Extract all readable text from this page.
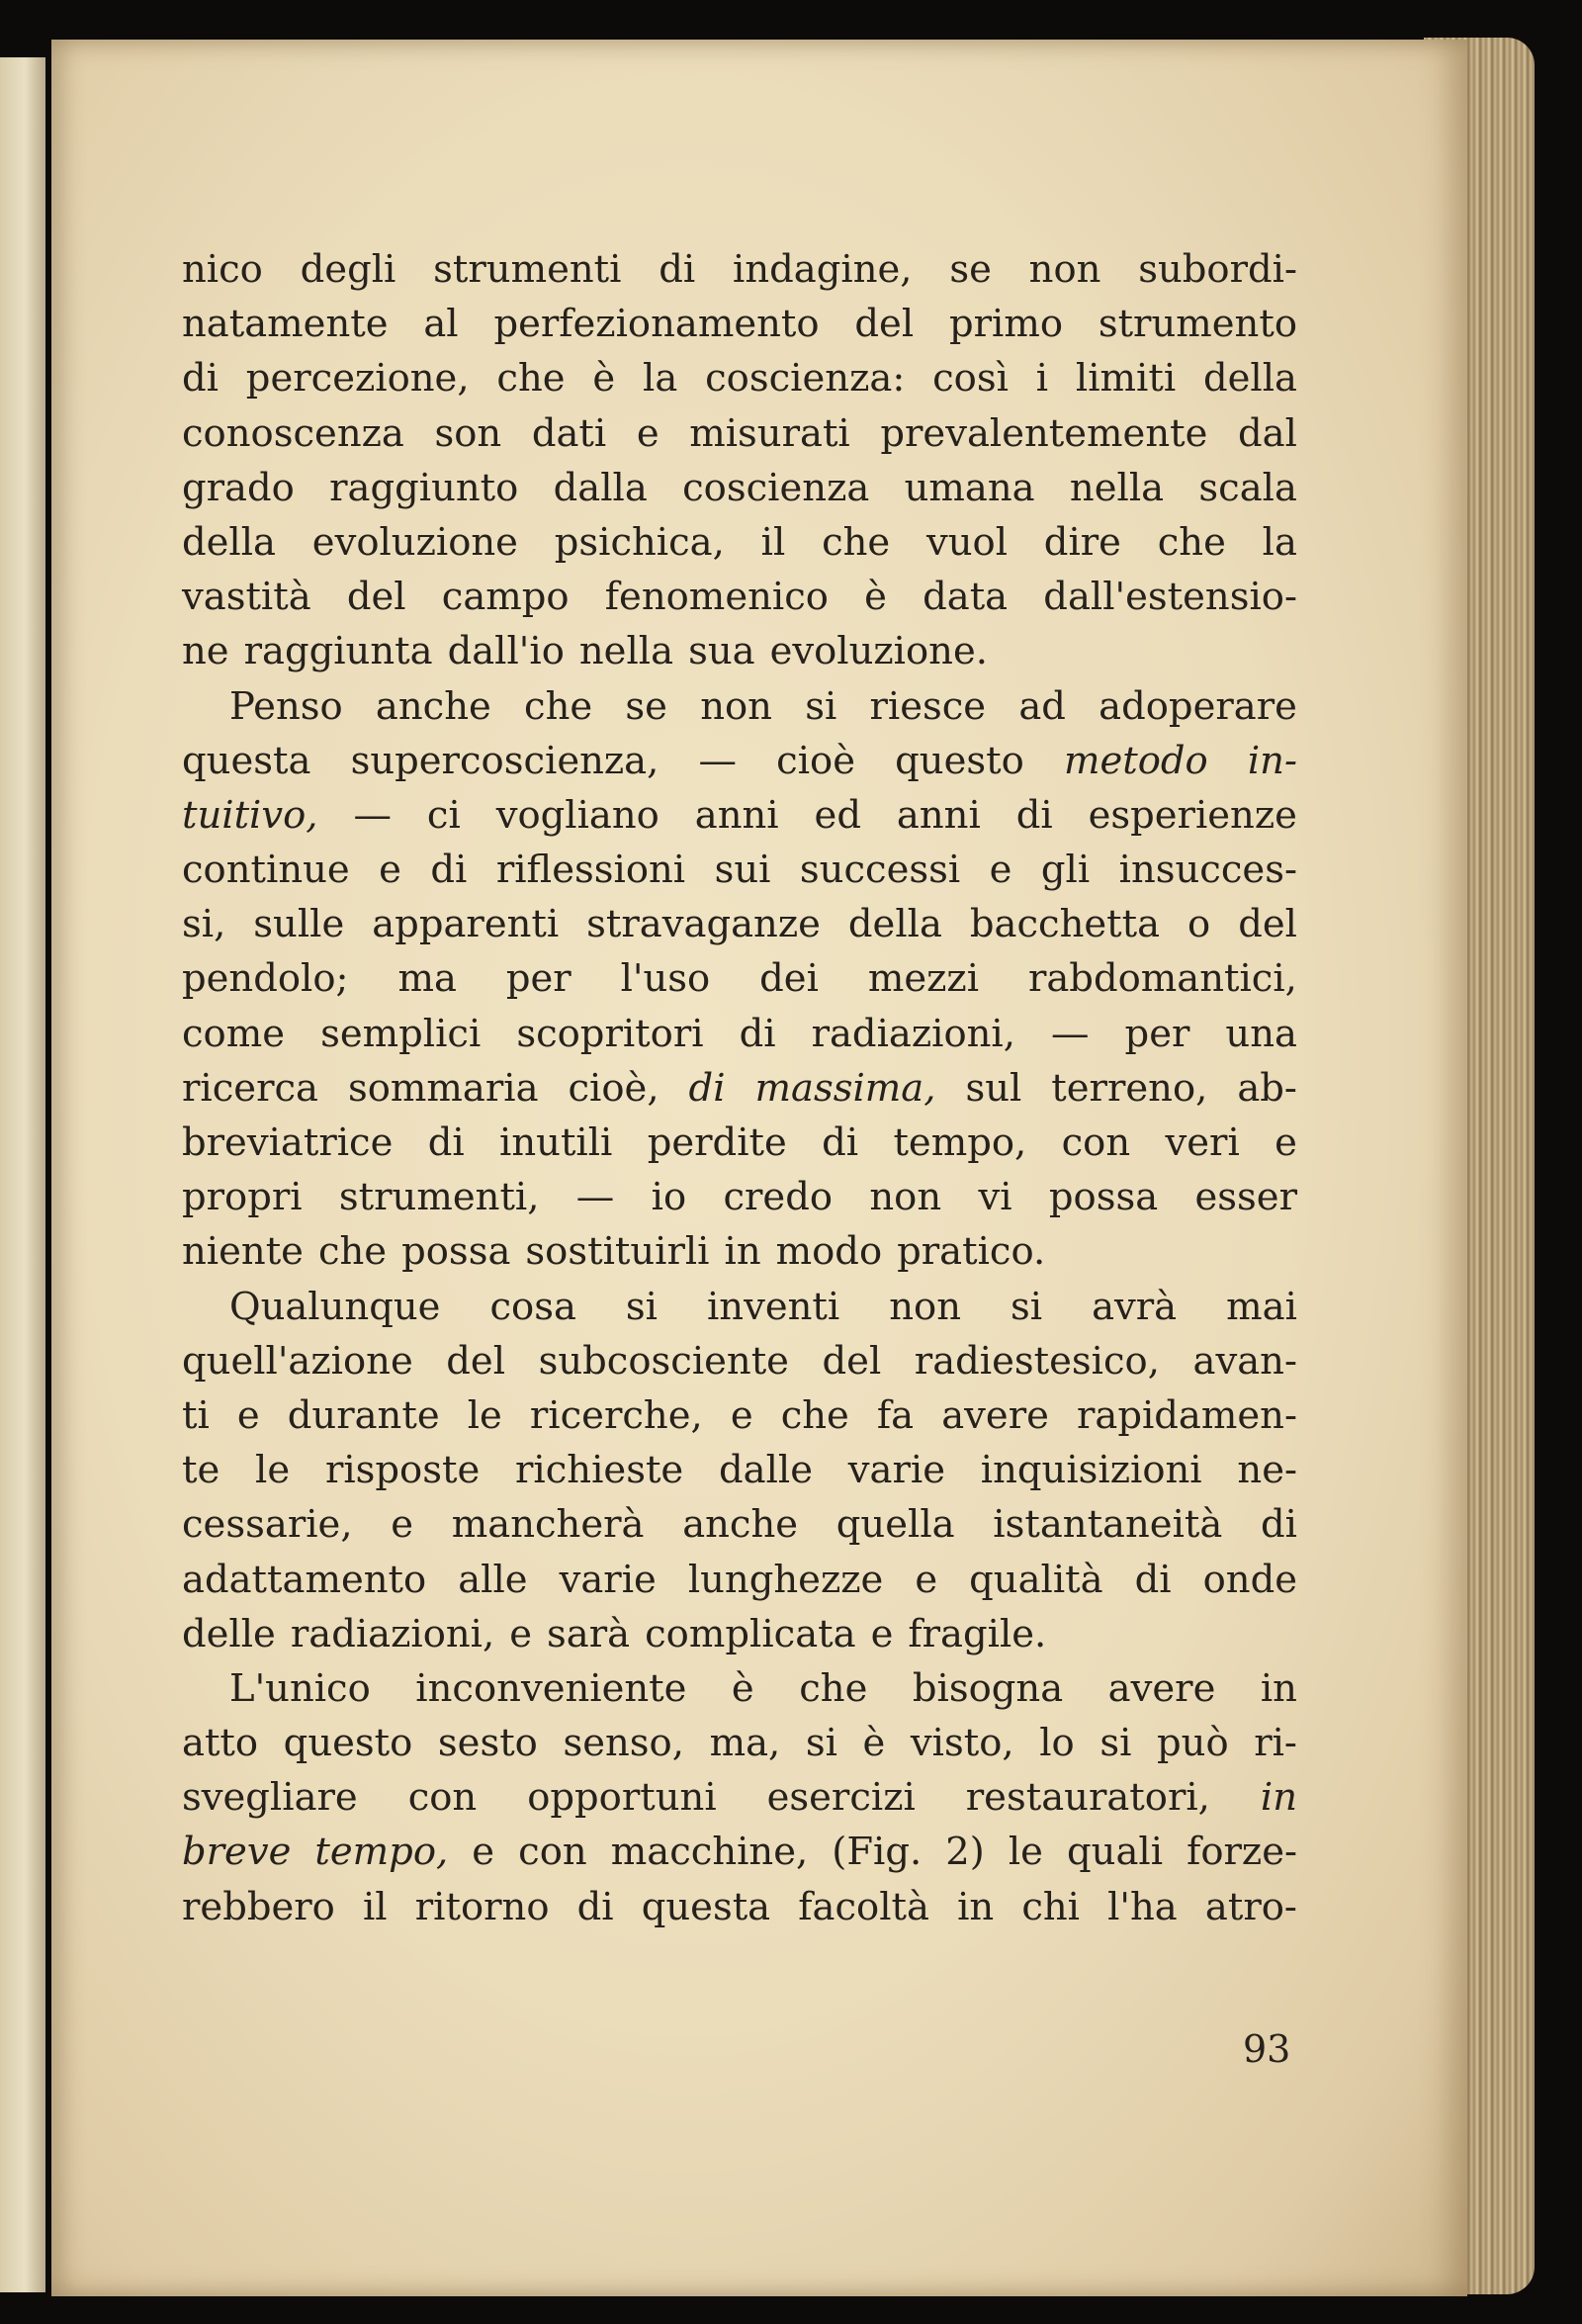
nico degli strumenti di indagine, se non subordi-
natamente al perfezionamento del primo strumento
di percezione, che è la coscienza: così i limiti della
conoscenza son dati e misurati prevalentemente dal
grado raggiunto dalla coscienza umana nella scala
della evoluzione psichica, il che vuol dire che la
vastità del campo fenomenico è data dall'estensio-
ne raggiunta dall'io nella sua evoluzione.
Penso anche che se non si riesce ad adoperare
questa supercoscienza, — cioè questo metodo in-
tuitivo, — ci vogliano anni ed anni di esperienze
continue e di riflessioni sui successi e gli insucces-
si, sulle apparenti stravaganze della bacchetta o del
pendolo; ma per l'uso dei mezzi rabdomantici,
come semplici scopritori di radiazioni, — per una
ricerca sommaria cioè, di massima, sul terreno, ab-
breviatrice di inutili perdite di tempo, con veri e
propri strumenti, — io credo non vi possa esser
niente che possa sostituirli in modo pratico.
Qualunque cosa si inventi non si avrà mai
quell'azione del subcosciente del radiestesico, avan-
ti e durante le ricerche, e che fa avere rapidamen-
te le risposte richieste dalle varie inquisizioni ne-
cessarie, e mancherà anche quella istantaneità di
adattamento alle varie lunghezze e qualità di onde
delle radiazioni, e sarà complicata e fragile.
L'unico inconveniente è che bisogna avere in
atto questo sesto senso, ma, si è visto, lo si può ri-
svegliare con opportuni esercizi restauratori, in
breve tempo, e con macchine, (Fig. 2) le quali forze-
rebbero il ritorno di questa facoltà in chi l'ha atro-
93
